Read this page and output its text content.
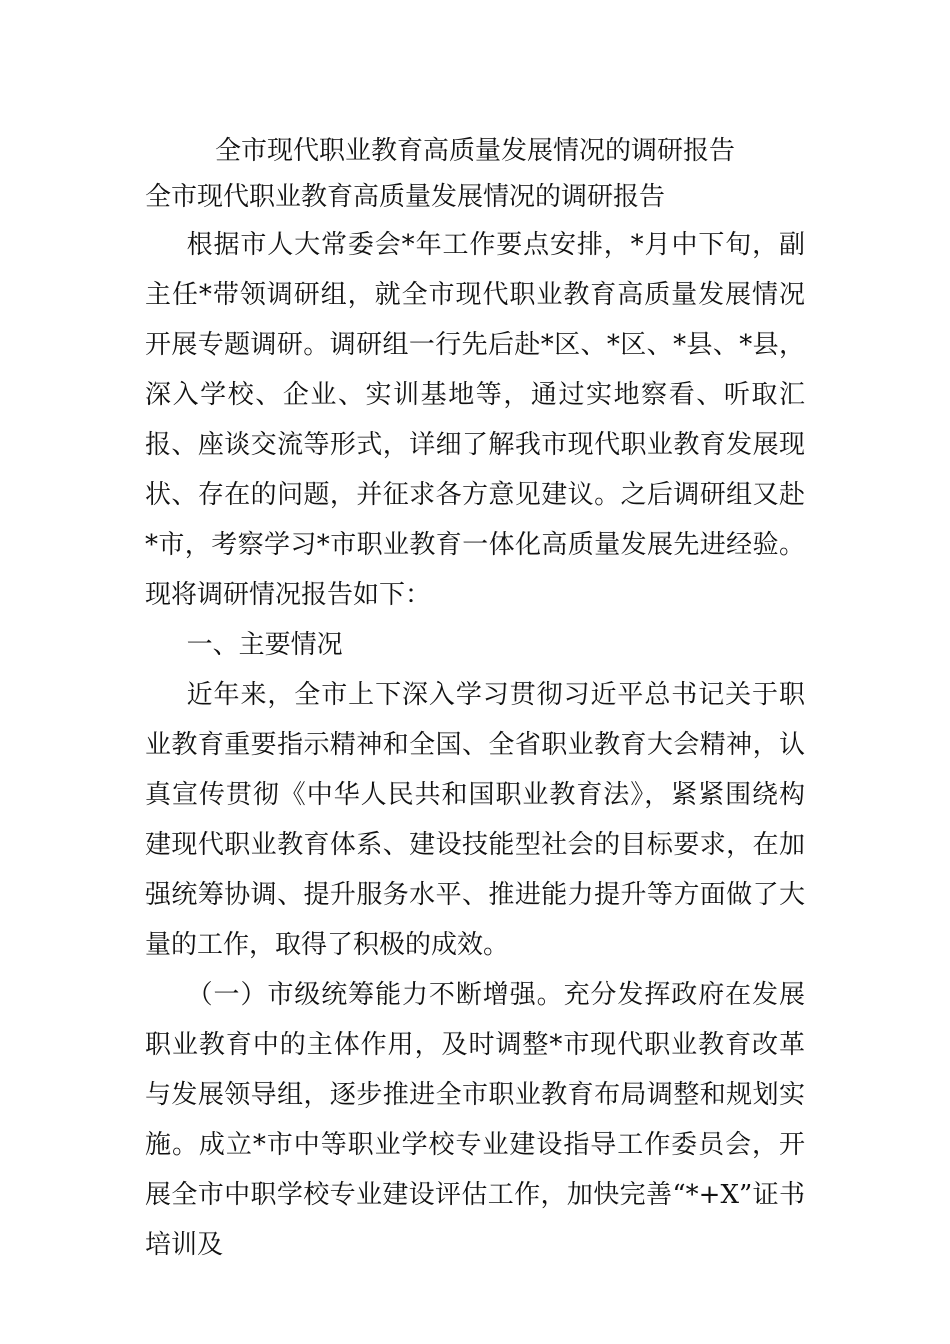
全市现代职业教育高质量发展情况的调研报告
全市现代职业教育高质量发展情况的调研报告

根据市人大常委会*年工作要点安排，*月中下旬，副主任*带领调研组，就全市现代职业教育高质量发展情况开展专题调研。调研组一行先后赴*区、*区、*县、*县，深入学校、企业、实训基地等，通过实地察看、听取汇报、座谈交流等形式，详细了解我市现代职业教育发展现状、存在的问题，并征求各方意见建议。之后调研组又赴*市，考察学习*市职业教育一体化高质量发展先进经验。现将调研情况报告如下：

一、主要情况

近年来，全市上下深入学习贯彻习近平总书记关于职业教育重要指示精神和全国、全省职业教育大会精神，认真宣传贯彻《中华人民共和国职业教育法》，紧紧围绕构建现代职业教育体系、建设技能型社会的目标要求，在加强统筹协调、提升服务水平、推进能力提升等方面做了大量的工作，取得了积极的成效。

（一）市级统筹能力不断增强。充分发挥政府在发展职业教育中的主体作用，及时调整*市现代职业教育改革与发展领导组，逐步推进全市职业教育布局调整和规划实施。成立*市中等职业学校专业建设指导工作委员会，开展全市中职学校专业建设评估工作，加快完善“*+X”证书培训及
